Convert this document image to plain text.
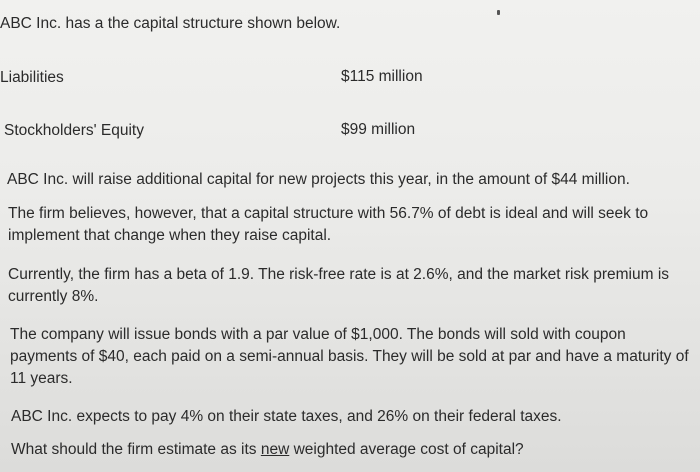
ABC Inc. has a the capital structure shown below.
Liabilities	$115 million
Stockholders' Equity	$99 million
ABC Inc. will raise additional capital for new projects this year, in the amount of $44 million.
The firm believes, however, that a capital structure with 56.7% of debt is ideal and will seek to
implement that change when they raise capital.
Currently, the firm has a beta of 1.9. The risk-free rate is at 2.6%, and the market risk premium is
currently 8%.
The company will issue bonds with a par value of $1,000. The bonds will sold with coupon
payments of $40, each paid on a semi-annual basis. They will be sold at par and have a maturity of
11 years.
ABC Inc. expects to pay 4% on their state taxes, and 26% on their federal taxes.
What should the firm estimate as its new weighted average cost of capital?
